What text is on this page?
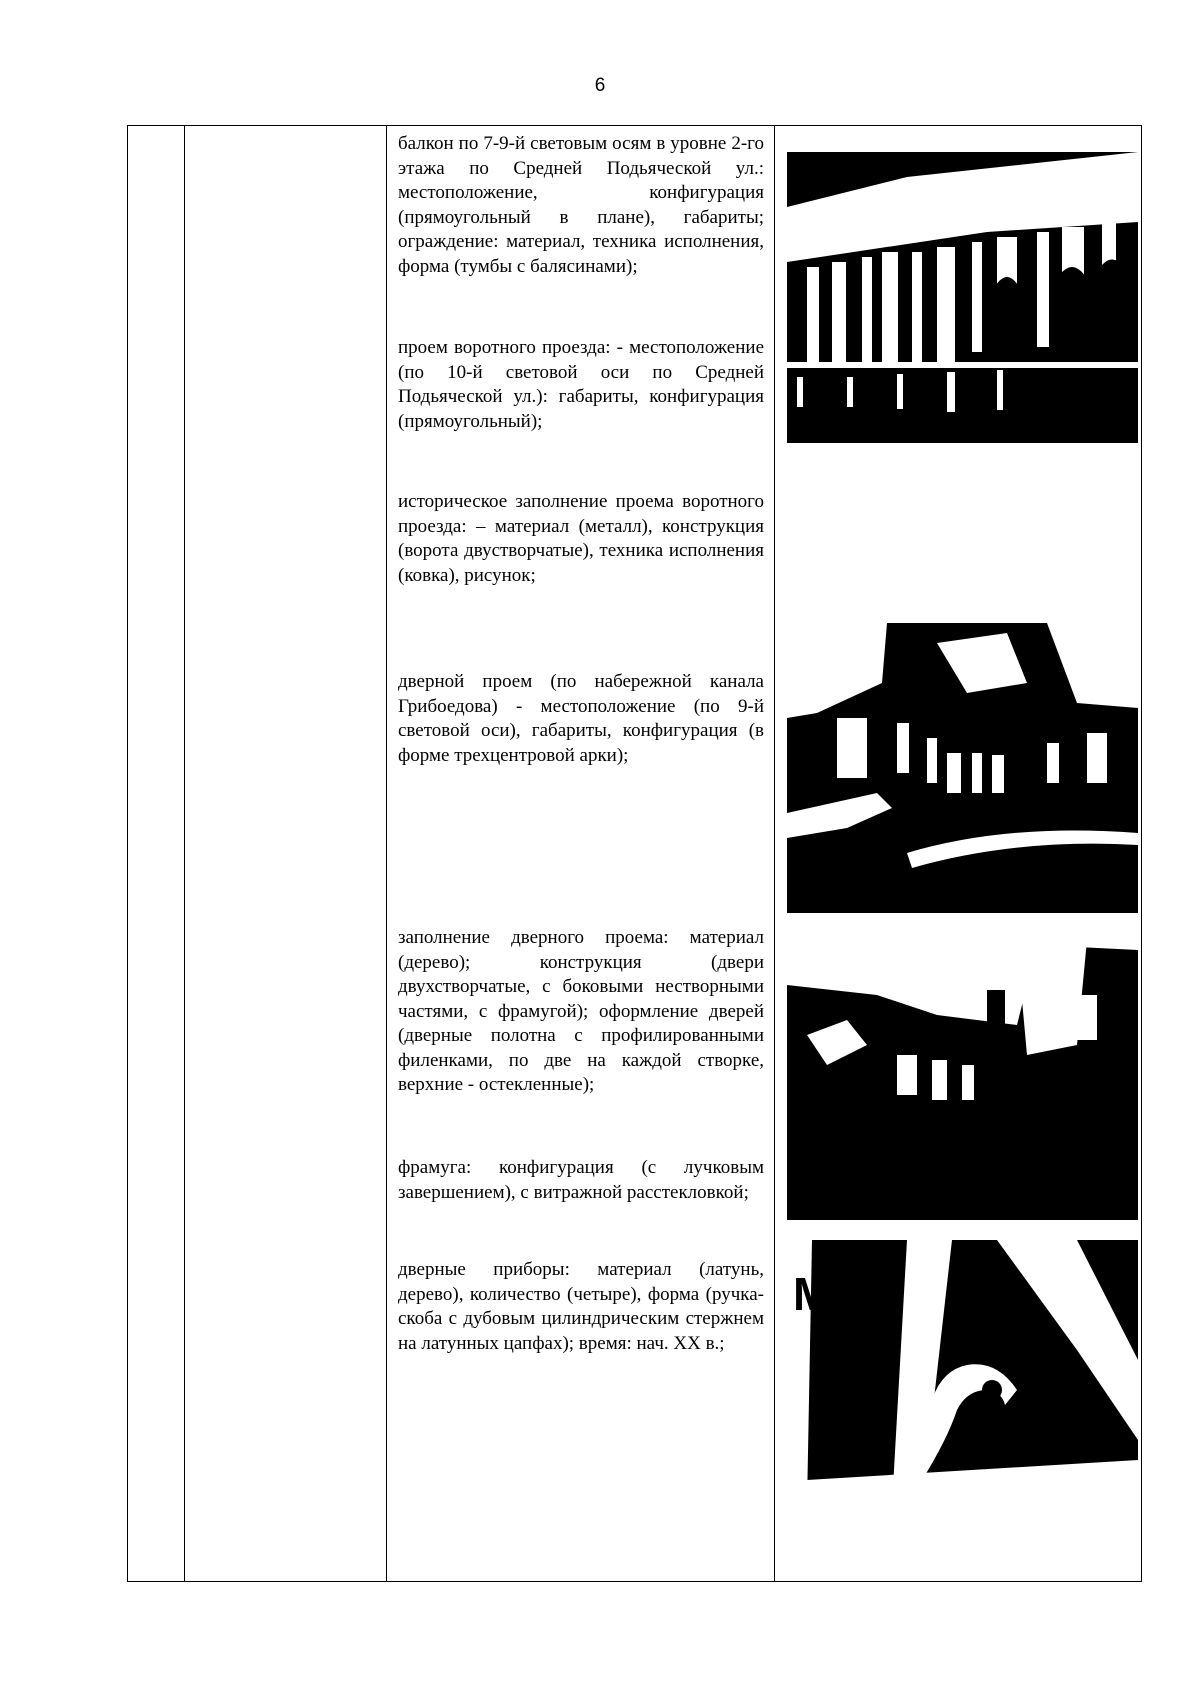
6
балкон по 7-9-й световым осям в уровне 2-го этажа по Средней Подьяческой ул.: местоположение, конфигурация (прямоугольный в плане), габариты; ограждение: материал, техника исполнения, форма (тумбы с балясинами);
проем воротного проезда: - местоположение (по 10-й световой оси по Средней Подьяческой ул.): габариты, конфигурация (прямоугольный);
историческое заполнение проема воротного проезда: – материал (металл), конструкция (ворота двустворчатые), техника исполнения (ковка), рисунок;
дверной проем (по набережной канала Грибоедова) - местоположение (по 9-й световой оси), габариты, конфигурация (в форме трехцентровой арки);
заполнение дверного проема: материал (дерево); конструкция (двери двухстворчатые, с боковыми нестворными частями, с фрамугой); оформление дверей (дверные полотна с профилированными филенками, по две на каждой створке, верхние - остекленные);
фрамуга: конфигурация (с лучковым завершением), с витражной расстекловкой;
дверные приборы: материал (латунь, дерево), количество (четыре), форма (ручка-скоба с дубовым цилиндрическим стержнем на латунных цапфах); время: нач. XX в.;
M
